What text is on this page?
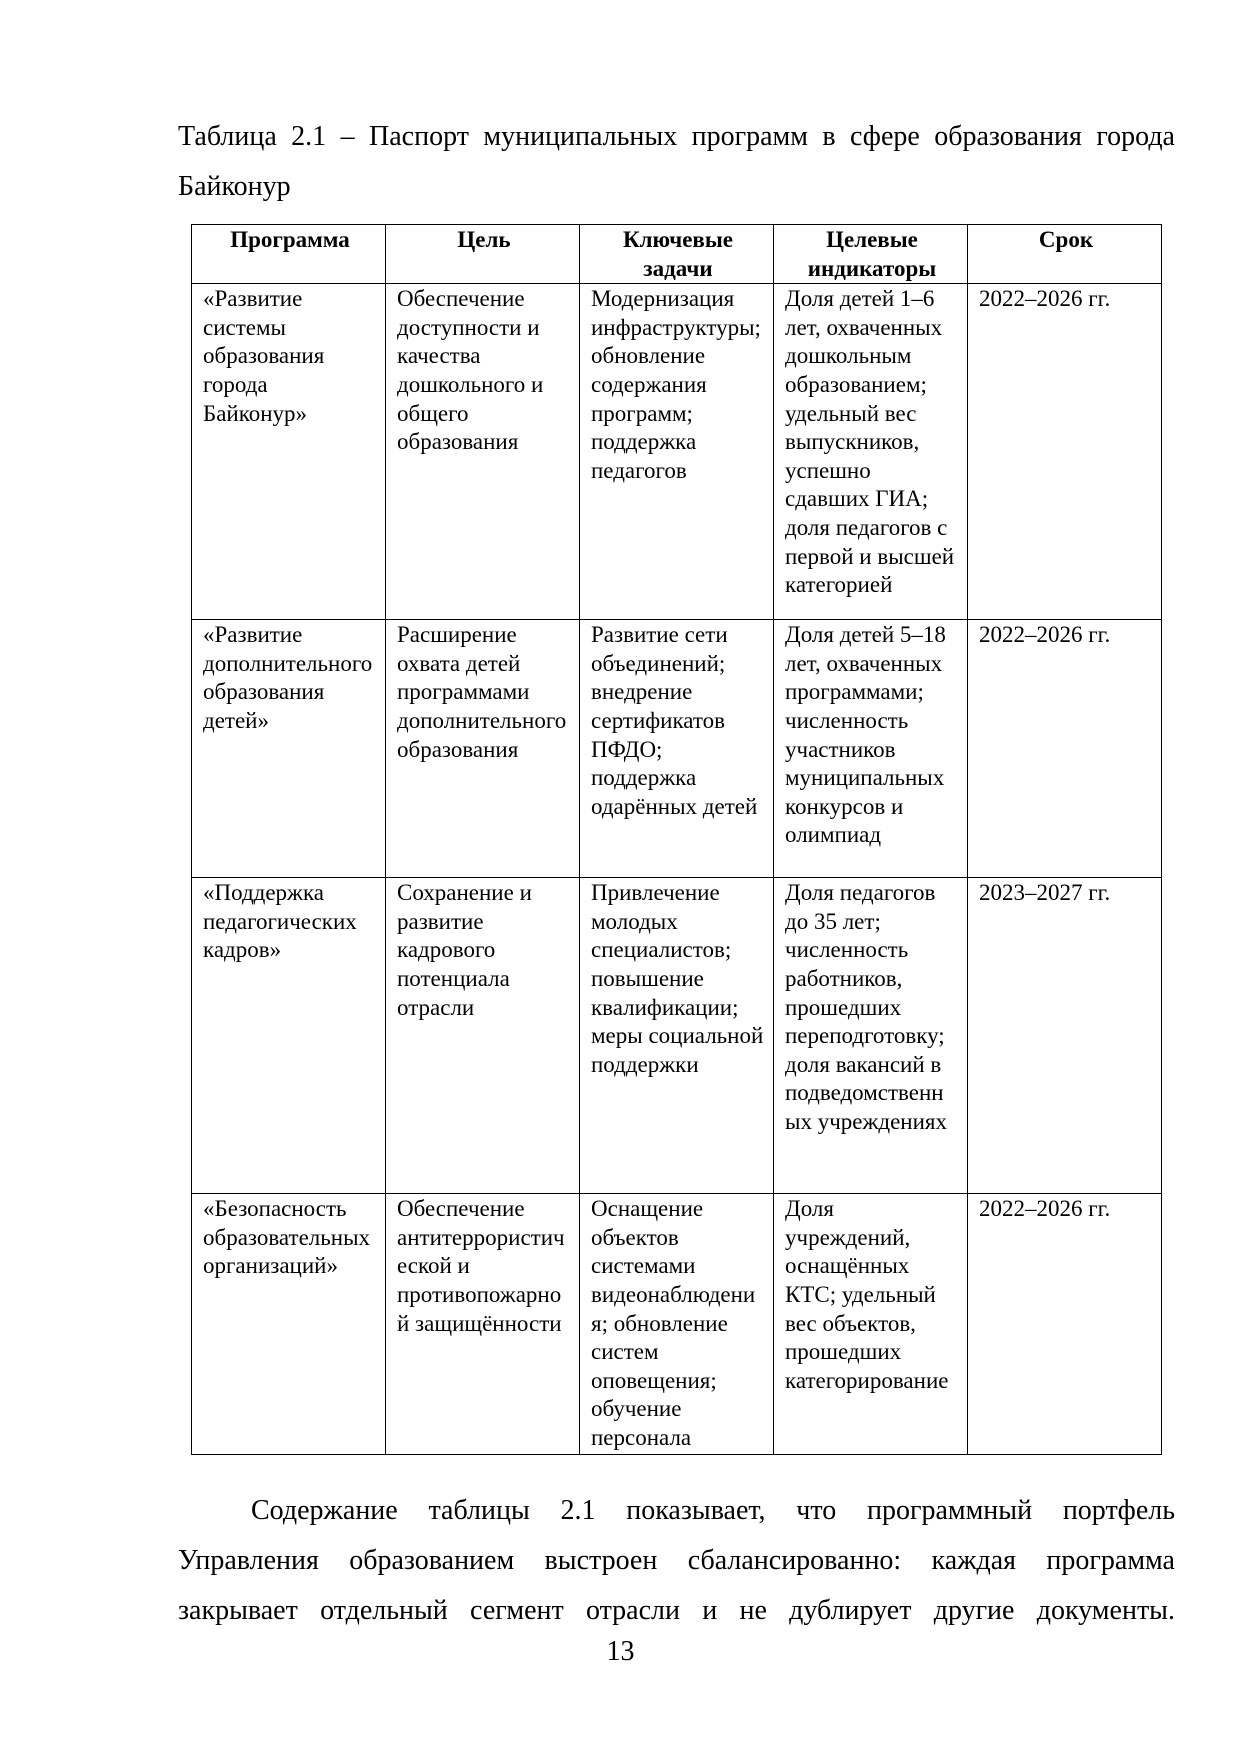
Таблица 2.1 – Паспорт муниципальных программ в сфере образования города Байконур

Программа	Цель	Ключевые задачи	Целевые индикаторы	Срок
«Развитие системы образования города Байконур»	Обеспечение доступности и качества дошкольного и общего образования	Модернизация инфраструктуры; обновление содержания программ; поддержка педагогов	Доля детей 1–6 лет, охваченных дошкольным образованием; удельный вес выпускников, успешно сдавших ГИА; доля педагогов с первой и высшей категорией	2022–2026 гг.
«Развитие дополнительного образования детей»	Расширение охвата детей программами дополнительного образования	Развитие сети объединений; внедрение сертификатов ПФДО; поддержка одарённых детей	Доля детей 5–18 лет, охваченных программами; численность участников муниципальных конкурсов и олимпиад	2022–2026 гг.
«Поддержка педагогических кадров»	Сохранение и развитие кадрового потенциала отрасли	Привлечение молодых специалистов; повышение квалификации; меры социальной поддержки	Доля педагогов до 35 лет; численность работников, прошедших переподготовку; доля вакансий в подведомственных учреждениях	2023–2027 гг.
«Безопасность образовательных организаций»	Обеспечение антитеррористической и противопожарной защищённости	Оснащение объектов системами видеонаблюдения; обновление систем оповещения; обучение персонала	Доля учреждений, оснащённых КТС; удельный вес объектов, прошедших категорирование	2022–2026 гг.

Содержание таблицы 2.1 показывает, что программный портфель Управления образованием выстроен сбалансированно: каждая программа закрывает отдельный сегмент отрасли и не дублирует другие документы.

13
